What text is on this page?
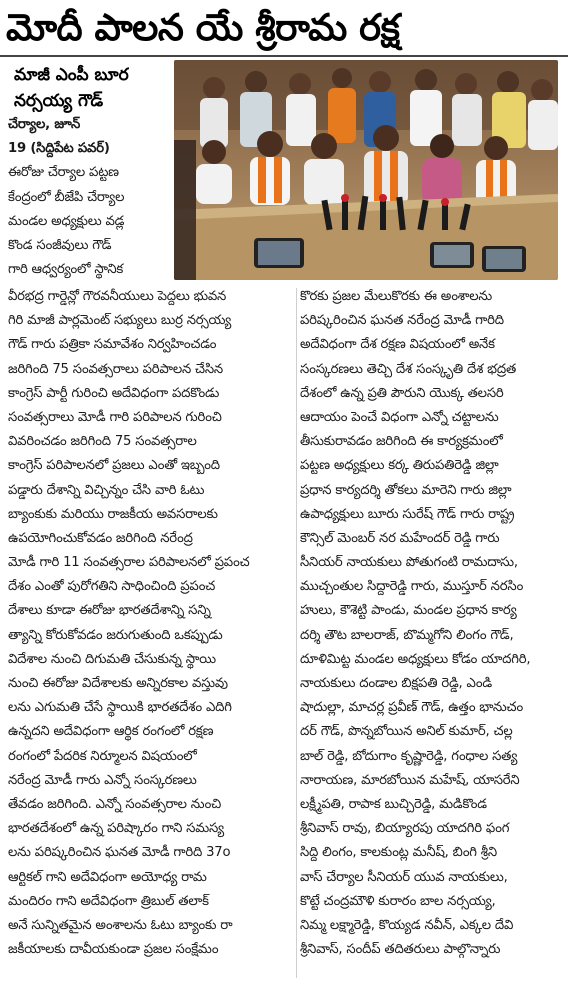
మోదీ పాలన యే శ్రీరామ రక్ష
మాజీ ఎంపీ బూర
నర్సయ్య గౌడ్
చేర్యాల, జూన్
19 (సిద్దిపేట పవర్)
ఈరోజు చేర్యాల పట్టణ
కేంద్రంలో బీజేపి చేర్యాల
మండల అధ్యక్షులు వడ్ల
కొండ సంజీవులు గౌడ్
గారి ఆధ్వర్యంలో స్థానిక
వీరభద్ర గార్డెన్లో గౌరవనీయులు పెద్దలు భువన
గిరి మాజీ పార్లమెంట్ సభ్యులు బుర్ర నర్సయ్య
గౌడ్ గారు పత్రికా సమావేశం నిర్వహించడం
జరిగింది 75 సంవత్సరాలు పరిపాలన చేసిన
కాంగ్రెస్ పార్టీ గురించి అదేవిధంగా పదకొండు
సంవత్సరాలు మోడీ గారి పరిపాలన గురించి
వివరించడం జరిగింది 75 సంవత్సరాల
కాంగ్రెస్ పరిపాలనలో ప్రజలు ఎంతో ఇబ్బంది
పడ్డారు దేశాన్ని విచ్చిన్నం చేసి వారి ఓటు
బ్యాంకుకు మరియు రాజకీయ అవసరాలకు
ఉపయోగించుకోవడం జరిగింది నరేంద్ర
మోడీ గారి 11 సంవత్సరాల పరిపాలనలో ప్రపంచ
దేశం ఎంతో పురోగతిని సాధించింది ప్రపంచ
దేశాలు కూడా ఈరోజు భారతదేశాన్ని సన్ని
త్యాన్ని కోరుకోవడం జరుగుతుంది ఒకప్పుడు
విదేశాల నుంచి దిగుమతి చేసుకున్న స్థాయి
నుంచి ఈరోజు విదేశాలకు అన్నిరకాల వస్తువు
లను ఎగుమతి చేసే స్థాయికి భారతదేశం ఎదిగి
ఉన్నదని అదేవిధంగా ఆర్థిక రంగంలో రక్షణ
రంగంలో పేదరిక నిర్మూలన విషయంలో
నరేంద్ర మోడీ గారు ఎన్నో సంస్కరణలు
తేవడం జరిగింది. ఎన్నో సంవత్సరాల నుంచి
భారతదేశంలో ఉన్న పరిష్కారం గాని సమస్య
లను పరిష్కరించిన ఘనత మోడీ గారిది 37o
ఆర్టికల్ గాని అదేవిధంగా అయోధ్య రామ
మందిరం గాని అదేవిధంగా త్రిబుల్ తలాక్
అనే సున్నితమైన అంశాలను ఓటు బ్యాంకు రా
జకీయాలకు దావీయకుండా ప్రజల సంక్షేమం
కొరకు ప్రజల మేలుకొరకు ఈ అంశాలను
పరిష్కరించిన ఘనత నరేంద్ర మోడీ గారిది
అదేవిధంగా దేశ రక్షణ విషయంలో అనేక
సంస్కరణలు తెచ్చి దేశ సంస్కృతి దేశ భద్రత
దేశంలో ఉన్న ప్రతి పౌరుని యొక్క తలసరి
ఆదాయం పెంచే విధంగా ఎన్నో చట్టాలను
తీసుకురావడం జరిగింది ఈ కార్యక్రమంలో
పట్టణ అధ్యక్షులు కర్క తిరుపతిరెడ్డి జిల్లా
ప్రధాన కార్యదర్శి తోకలు మారెని గారు జిల్లా
ఉపాధ్యక్షులు బూరు సురేష్ గౌడ్ గారు రాష్ట్ర
కౌన్సిల్ మెంబర్ నర మహేందర్ రెడ్డి గారు
సీనియర్ నాయకులు పోతుగంటి రామదాసు,
ముచ్చంతుల సిద్దారెడ్డి గారు, ముస్తూర్ నరసిం
హులు, కౌశెట్టి పాండు, మండల ప్రధాన కార్య
దర్శి తౌట బాలరాజ్, బొమ్మగోని లింగం గౌడ్,
దూళిమిట్ట మండల అధ్యక్షులు కోడం యాదగిరి,
నాయకులు దండాల బిక్షపతి రెడ్డి, ఎండి
షాదుల్లా, మాచర్ల ప్రవీణ్ గౌడ్, ఉత్తం భానుచం
దర్ గౌడ్, పొన్నబోయిన అనిల్ కుమార్, చల్ల
బాల్ రెడ్డి, బోదుగాం కృష్ణారెడ్డి, గంధాల సత్య
నారాయణ, మారబోయిన మహేష్, యాసరేని
లక్ష్మీపతి, రాపాక బుచ్చిరెడ్డి, మడికొండ
శ్రీనివాస్ రావు, బియ్యారపు యాదగిరి ఫంగ
సిద్ది లింగం, కాలకుంట్ల మనీష్, బింగి శ్రీని
వాస్ చేర్యాల సీనియర్ యువ నాయకులు,
కొట్టే చంద్రమౌళి కురారం బాల నర్సయ్య,
నిమ్మ లక్ష్మారెడ్డి, కొయ్యడ నవీన్, ఎక్కల దేవి
శ్రీనివాస్, సందీప్ తదితరులు పాల్గొన్నారు
